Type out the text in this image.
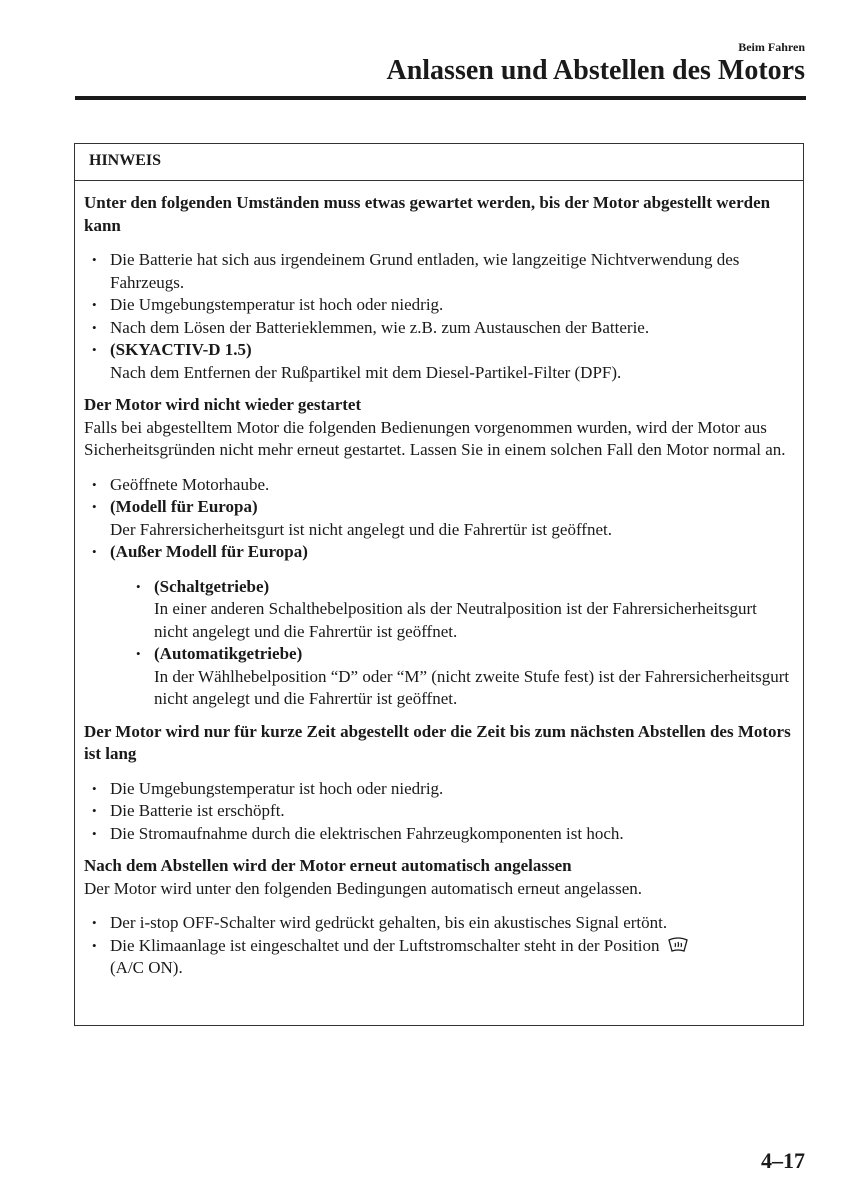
Beim Fahren
Anlassen und Abstellen des Motors
HINWEIS

Unter den folgenden Umständen muss etwas gewartet werden, bis der Motor abgestellt werden kann

• Die Batterie hat sich aus irgendeinem Grund entladen, wie langzeitige Nichtverwendung des Fahrzeugs.
• Die Umgebungstemperatur ist hoch oder niedrig.
• Nach dem Lösen der Batterieklemmen, wie z.B. zum Austauschen der Batterie.
• (SKYACTIV-D 1.5)
Nach dem Entfernen der Rußpartikel mit dem Diesel-Partikel-Filter (DPF).

Der Motor wird nicht wieder gestartet

Falls bei abgestelltem Motor die folgenden Bedienungen vorgenommen wurden, wird der Motor aus Sicherheitsgründen nicht mehr erneut gestartet. Lassen Sie in einem solchen Fall den Motor normal an.

• Geöffnete Motorhaube.
• (Modell für Europa)
Der Fahrersicherheitsgurt ist nicht angelegt und die Fahrertür ist geöffnet.
• (Außer Modell für Europa)
• (Schaltgetriebe)
In einer anderen Schalthebelposition als der Neutralposition ist der Fahrersicherheitsgurt nicht angelegt und die Fahrertür ist geöffnet.
• (Automatikgetriebe)
In der Wählhebelposition “D” oder “M” (nicht zweite Stufe fest) ist der Fahrersicherheitsgurt nicht angelegt und die Fahrertür ist geöffnet.

Der Motor wird nur für kurze Zeit abgestellt oder die Zeit bis zum nächsten Abstellen des Motors ist lang

• Die Umgebungstemperatur ist hoch oder niedrig.
• Die Batterie ist erschöpft.
• Die Stromaufnahme durch die elektrischen Fahrzeugkomponenten ist hoch.

Nach dem Abstellen wird der Motor erneut automatisch angelassen

Der Motor wird unter den folgenden Bedingungen automatisch erneut angelassen.

• Der i-stop OFF-Schalter wird gedrückt gehalten, bis ein akustisches Signal ertönt.
• Die Klimaanlage ist eingeschaltet und der Luftstromschalter steht in der Position
(A/C ON).
4–17
